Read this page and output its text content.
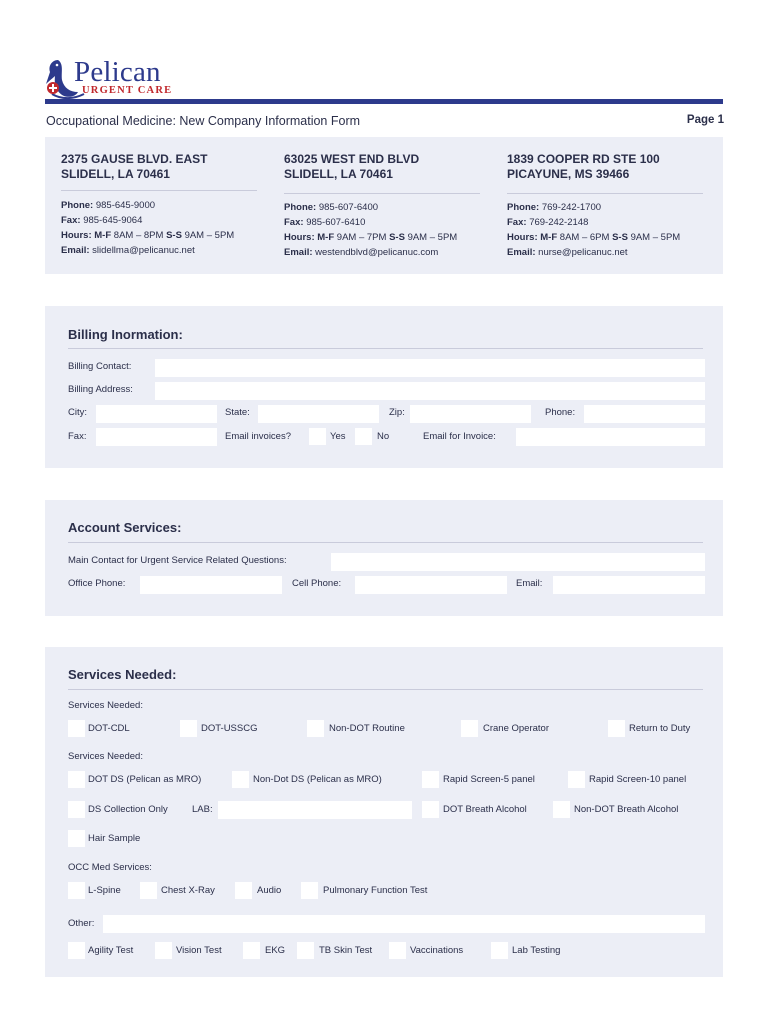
Pelican
URGENT CARE
Occupational Medicine: New Company Information Form	Page 1
2375 GAUSE BLVD. EAST
SLIDELL, LA 70461
Phone: 985-645-9000
Fax: 985-645-9064
Hours: M-F 8AM – 8PM S-S 9AM – 5PM
Email: slidellma@pelicanuc.net
63025 WEST END BLVD
SLIDELL, LA 70461
Phone: 985-607-6400
Fax: 985-607-6410
Hours: M-F 9AM – 7PM S-S 9AM – 5PM
Email: westendblvd@pelicanuc.com
1839 COOPER RD STE 100
PICAYUNE, MS 39466
Phone: 769-242-1700
Fax: 769-242-2148
Hours: M-F 8AM – 6PM S-S 9AM – 5PM
Email: nurse@pelicanuc.net
Billing Inormation:
Billing Contact:
Billing Address:
City:	State:	Zip:	Phone:
Fax:	Email invoices?	Yes	No	Email for Invoice:
Account Services:
Main Contact for Urgent Service Related Questions:
Office Phone:	Cell Phone:	Email:
Services Needed:
Services Needed:
DOT-CDL	DOT-USSCG	Non-DOT Routine	Crane Operator	Return to Duty
Services Needed:
DOT DS (Pelican as MRO)	Non-Dot DS (Pelican as MRO)	Rapid Screen-5 panel	Rapid Screen-10 panel
DS Collection Only	LAB:	DOT Breath Alcohol	Non-DOT Breath Alcohol
Hair Sample
OCC Med Services:
L-Spine	Chest X-Ray	Audio	Pulmonary Function Test
Other:
Agility Test	Vision Test	EKG	TB Skin Test	Vaccinations	Lab Testing
